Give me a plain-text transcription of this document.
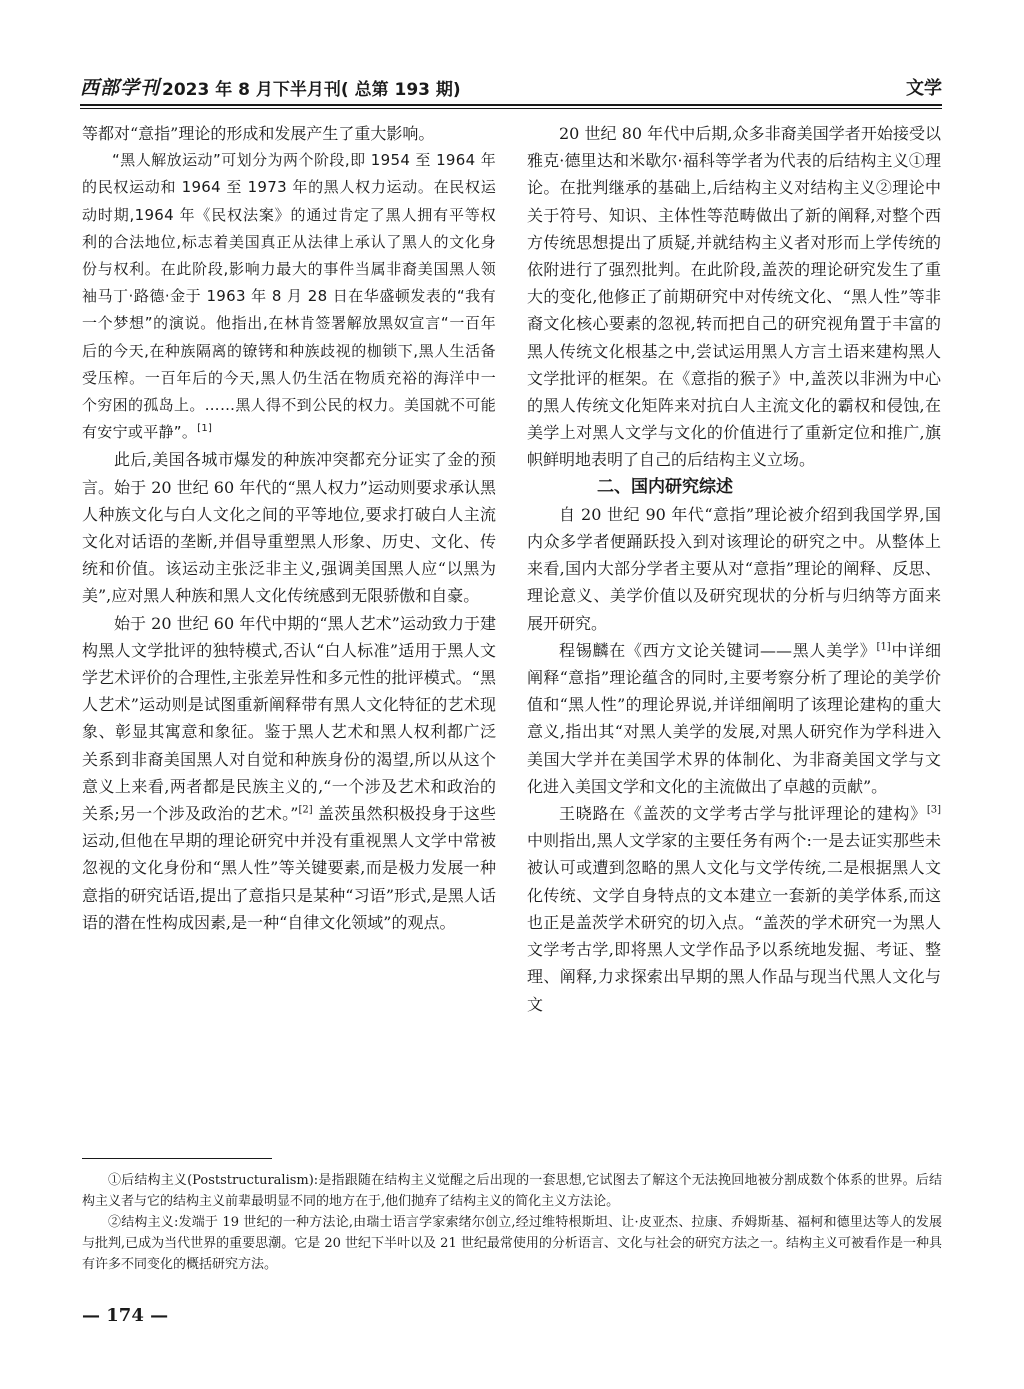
西部学刊 2023 年 8 月下半月刊( 总第 193 期)	文学

等都对“意指”理论的形成和发展产生了重大影响。

“黑人解放运动”可划分为两个阶段,即 1954 至 1964 年的民权运动和 1964 至 1973 年的黑人权力运动。在民权运动时期,1964 年《民权法案》的通过肯定了黑人拥有平等权利的合法地位,标志着美国真正从法律上承认了黑人的文化身份与权利。在此阶段,影响力最大的事件当属非裔美国黑人领袖马丁·路德·金于 1963 年 8 月 28 日在华盛顿发表的“我有一个梦想”的演说。他指出,在林肯签署解放黑奴宣言“一百年后的今天,在种族隔离的镣铐和种族歧视的枷锁下,黑人生活备受压榨。一百年后的今天,黑人仍生活在物质充裕的海洋中一个穷困的孤岛上。……黑人得不到公民的权力。美国就不可能有安宁或平静”。[1]

此后,美国各城市爆发的种族冲突都充分证实了金的预言。始于 20 世纪 60 年代的“黑人权力”运动则要求承认黑人种族文化与白人文化之间的平等地位,要求打破白人主流文化对话语的垄断,并倡导重塑黑人形象、历史、文化、传统和价值。该运动主张泛非主义,强调美国黑人应“以黑为美”,应对黑人种族和黑人文化传统感到无限骄傲和自豪。

始于 20 世纪 60 年代中期的“黑人艺术”运动致力于建构黑人文学批评的独特模式,否认“白人标准”适用于黑人文学艺术评价的合理性,主张差异性和多元性的批评模式。“黑人艺术”运动则是试图重新阐释带有黑人文化特征的艺术现象、彰显其寓意和象征。鉴于黑人艺术和黑人权利都广泛关系到非裔美国黑人对自觉和种族身份的渴望,所以从这个意义上来看,两者都是民族主义的,“一个涉及艺术和政治的关系;另一个涉及政治的艺术。”[2] 盖茨虽然积极投身于这些运动,但他在早期的理论研究中并没有重视黑人文学中常被忽视的文化身份和“黑人性”等关键要素,而是极力发展一种意指的研究话语,提出了意指只是某种“习语”形式,是黑人话语的潜在性构成因素,是一种“自律文化领域”的观点。

20 世纪 80 年代中后期,众多非裔美国学者开始接受以雅克·德里达和米歇尔·福科等学者为代表的后结构主义①理论。在批判继承的基础上,后结构主义对结构主义②理论中关于符号、知识、主体性等范畴做出了新的阐释,对整个西方传统思想提出了质疑,并就结构主义者对形而上学传统的依附进行了强烈批判。在此阶段,盖茨的理论研究发生了重大的变化,他修正了前期研究中对传统文化、“黑人性”等非裔文化核心要素的忽视,转而把自己的研究视角置于丰富的黑人传统文化根基之中,尝试运用黑人方言土语来建构黑人文学批评的框架。在《意指的猴子》中,盖茨以非洲为中心的黑人传统文化矩阵来对抗白人主流文化的霸权和侵蚀,在美学上对黑人文学与文化的价值进行了重新定位和推广,旗帜鲜明地表明了自己的后结构主义立场。

二、国内研究综述

自 20 世纪 90 年代“意指”理论被介绍到我国学界,国内众多学者便踊跃投入到对该理论的研究之中。从整体上来看,国内大部分学者主要从对“意指”理论的阐释、反思、理论意义、美学价值以及研究现状的分析与归纳等方面来展开研究。

程锡麟在《西方文论关键词——黑人美学》[1]中详细阐释“意指”理论蕴含的同时,主要考察分析了理论的美学价值和“黑人性”的理论界说,并详细阐明了该理论建构的重大意义,指出其“对黑人美学的发展,对黑人研究作为学科进入美国大学并在美国学术界的体制化、为非裔美国文学与文化进入美国文学和文化的主流做出了卓越的贡献”。

王晓路在《盖茨的文学考古学与批评理论的建构》[3]中则指出,黑人文学家的主要任务有两个:一是去证实那些未被认可或遭到忽略的黑人文化与文学传统,二是根据黑人文化传统、文学自身特点的文本建立一套新的美学体系,而这也正是盖茨学术研究的切入点。“盖茨的学术研究一为黑人文学考古学,即将黑人文学作品予以系统地发掘、考证、整理、阐释,力求探索出早期的黑人作品与现当代黑人文化与文

①后结构主义(Poststructuralism):是指跟随在结构主义觉醒之后出现的一套思想,它试图去了解这个无法挽回地被分割成数个体系的世界。后结构主义者与它的结构主义前辈最明显不同的地方在于,他们抛弃了结构主义的简化主义方法论。

②结构主义:发端于 19 世纪的一种方法论,由瑞士语言学家索绪尔创立,经过维特根斯坦、让·皮亚杰、拉康、乔姆斯基、福柯和德里达等人的发展与批判,已成为当代世界的重要思潮。它是 20 世纪下半叶以及 21 世纪最常使用的分析语言、文化与社会的研究方法之一。结构主义可被看作是一种具有许多不同变化的概括研究方法。

— 174 —
